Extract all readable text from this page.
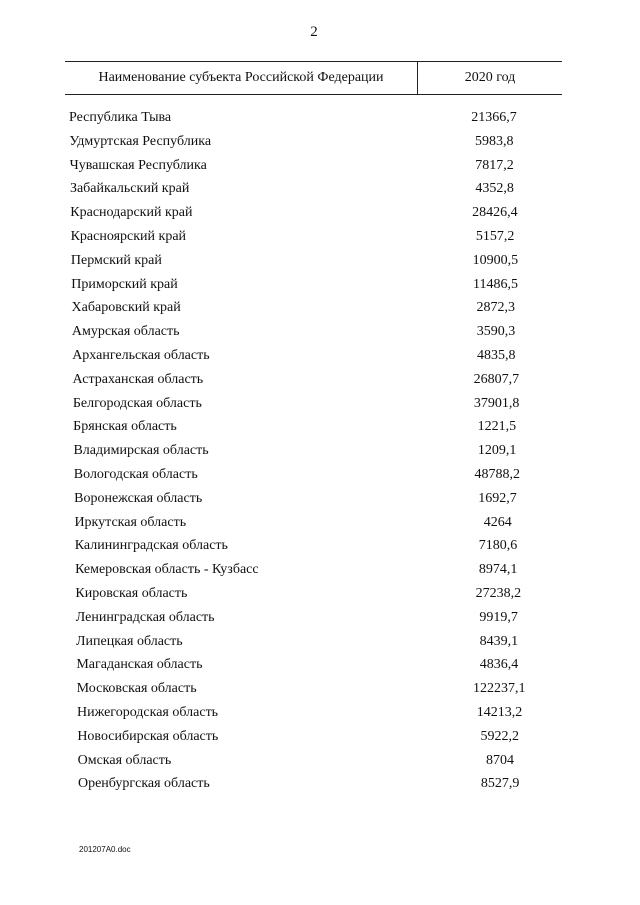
2
Наименование субъекта Российской Федерации	2020 год
Республика Тыва	21366,7
Удмуртская Республика	5983,8
Чувашская Республика	7817,2
Забайкальский край	4352,8
Краснодарский край	28426,4
Красноярский край	5157,2
Пермский край	10900,5
Приморский край	11486,5
Хабаровский край	2872,3
Амурская область	3590,3
Архангельская область	4835,8
Астраханская область	26807,7
Белгородская область	37901,8
Брянская область	1221,5
Владимирская область	1209,1
Вологодская область	48788,2
Воронежская область	1692,7
Иркутская область	4264
Калининградская область	7180,6
Кемеровская область - Кузбасс	8974,1
Кировская область	27238,2
Ленинградская область	9919,7
Липецкая область	8439,1
Магаданская область	4836,4
Московская область	122237,1
Нижегородская область	14213,2
Новосибирская область	5922,2
Омская область	8704
Оренбургская область	8527,9
201207A0.doc
